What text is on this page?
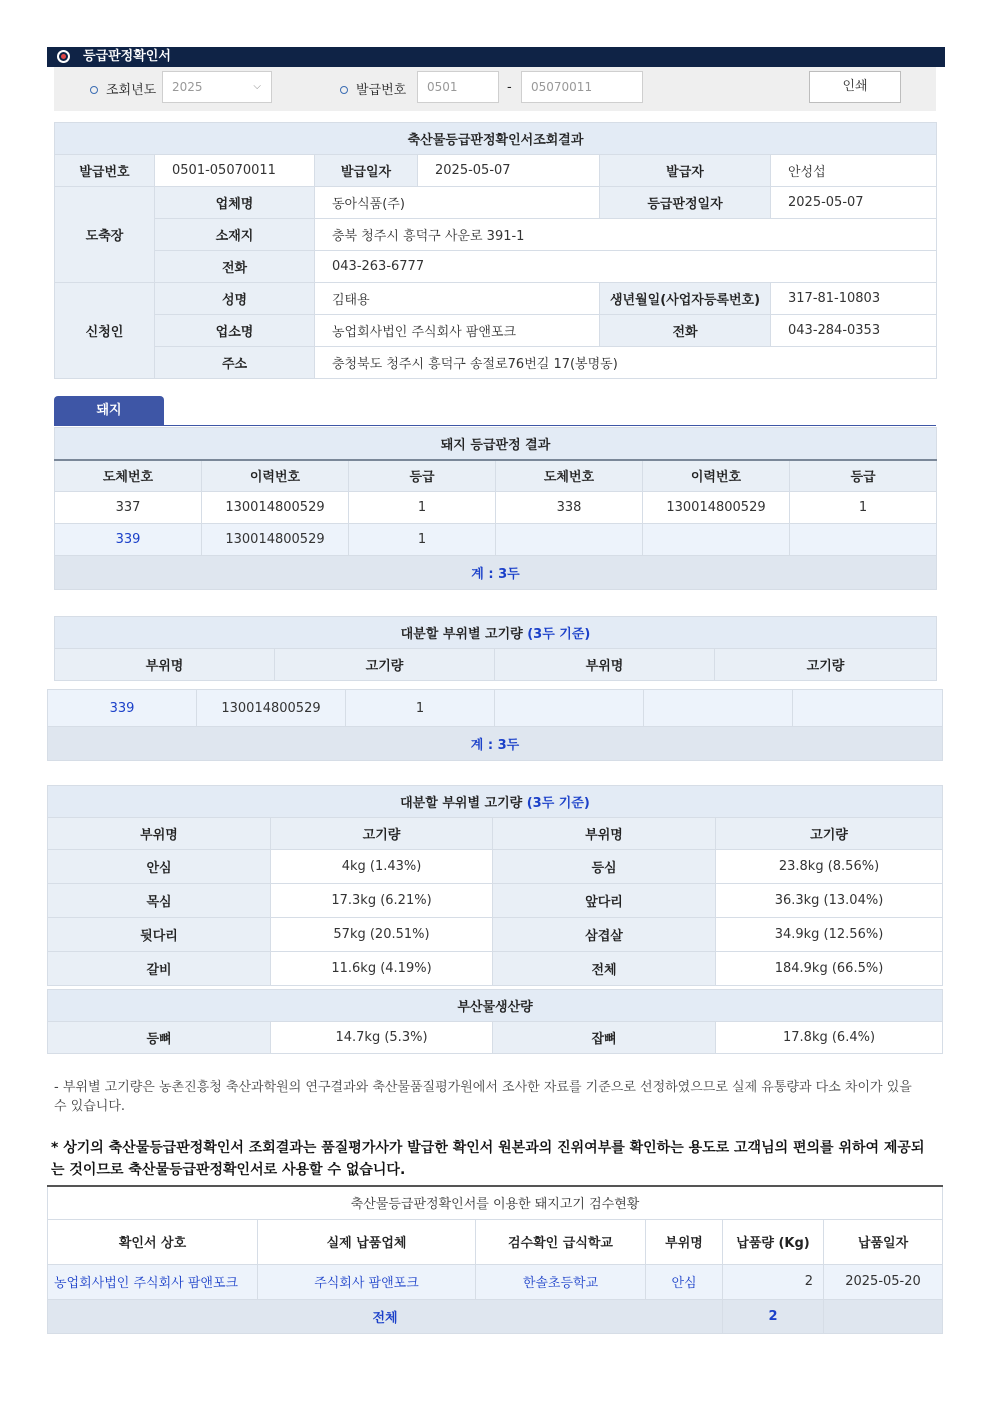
등급판정확인서
조회년도	2025	⌵	발급번호	0501	-	05070011	인쇄
축산물등급판정확인서조회결과					
발급번호	0501-05070011	발급일자	2025-05-07	발급자	안성섭
도축장	업체명	동아식품(주)		등급판정일자	2025-05-07
	소재지	충북 청주시 흥덕구 사운로 391-1			
	전화	043-263-6777			
신청인	성명	김태용		생년월일(사업자등록번호)	317-81-10803
	업소명	농업회사법인 주식회사 팜앤포크		전화	043-284-0353
	주소	충청북도 청주시 흥덕구 송절로76번길 17(봉명동)			
돼지
돼지 등급판정 결과					
도체번호	이력번호	등급	도체번호	이력번호	등급
337	130014800529	1	338	130014800529	1
339	130014800529	1			
계 : 3두					
대분할 부위별 고기량 (3두 기준)
부위명	고기량	부위명	고기량
339	130014800529	1			
계 : 3두
대분할 부위별 고기량 (3두 기준)			
부위명	고기량	부위명	고기량
안심	4kg (1.43%)	등심	23.8kg (8.56%)
목심	17.3kg (6.21%)	앞다리	36.3kg (13.04%)
뒷다리	57kg (20.51%)	삼겹살	34.9kg (12.56%)
갈비	11.6kg (4.19%)	전체	184.9kg (66.5%)
부산물생산량
등뼈	14.7kg (5.3%)	잡뼈	17.8kg (6.4%)
- 부위별 고기량은 농촌진흥청 축산과학원의 연구결과와 축산물품질평가원에서 조사한 자료를 기준으로 선정하였으므로 실제 유통량과 다소 차이가 있을 수 있습니다.
* 상기의 축산물등급판정확인서 조회결과는 품질평가사가 발급한 확인서 원본과의 진위여부를 확인하는 용도로 고객님의 편의를 위하여 제공되는 것이므로 축산물등급판정확인서로 사용할 수 없습니다.
축산물등급판정확인서를 이용한 돼지고기 검수현황					
확인서 상호	실제 납품업체	검수확인 급식학교	부위명	납품량 (Kg)	납품일자
농업회사법인 주식회사 팜앤포크	주식회사 팜앤포크	한솔초등학교	안심	2	2025-05-20
전체				2	
